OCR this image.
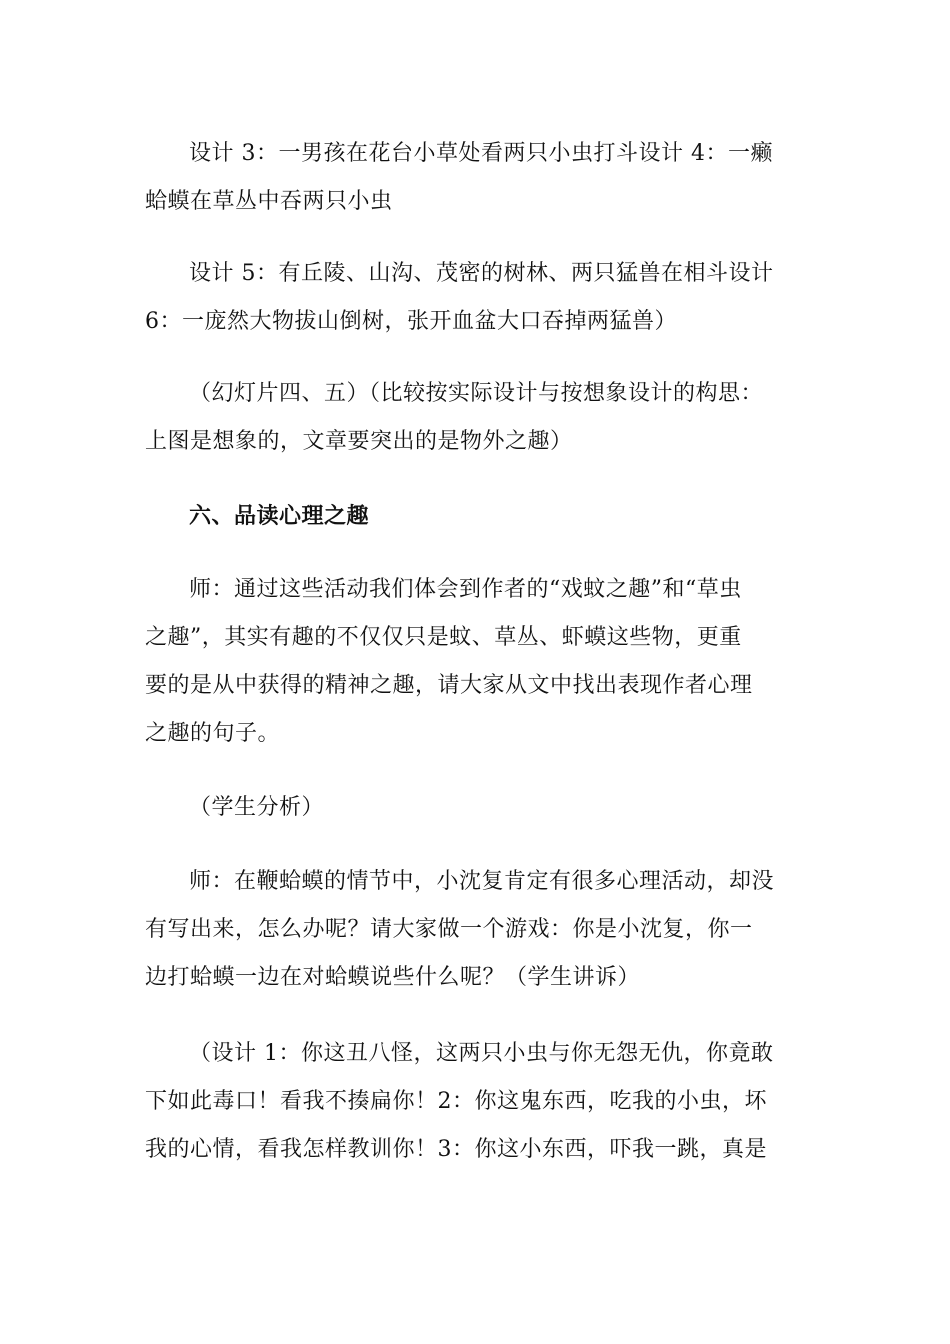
设计 3：一男孩在花台小草处看两只小虫打斗设计 4：一癞
蛤蟆在草丛中吞两只小虫

设计 5：有丘陵、山沟、茂密的树林、两只猛兽在相斗设计
6：一庞然大物拔山倒树，张开血盆大口吞掉两猛兽）

（幻灯片四、五）（比较按实际设计与按想象设计的构思：
上图是想象的，文章要突出的是物外之趣）

六、品读心理之趣

师：通过这些活动我们体会到作者的“戏蚊之趣”和“草虫
之趣”，其实有趣的不仅仅只是蚊、草丛、虾蟆这些物，更重
要的是从中获得的精神之趣，请大家从文中找出表现作者心理
之趣的句子。

（学生分析）

师：在鞭蛤蟆的情节中，小沈复肯定有很多心理活动，却没
有写出来，怎么办呢？请大家做一个游戏：你是小沈复，你一
边打蛤蟆一边在对蛤蟆说些什么呢？（学生讲诉）

（设计 1：你这丑八怪，这两只小虫与你无怨无仇，你竟敢
下如此毒口！看我不揍扁你！2：你这鬼东西，吃我的小虫，坏
我的心情，看我怎样教训你！3：你这小东西，吓我一跳，真是
